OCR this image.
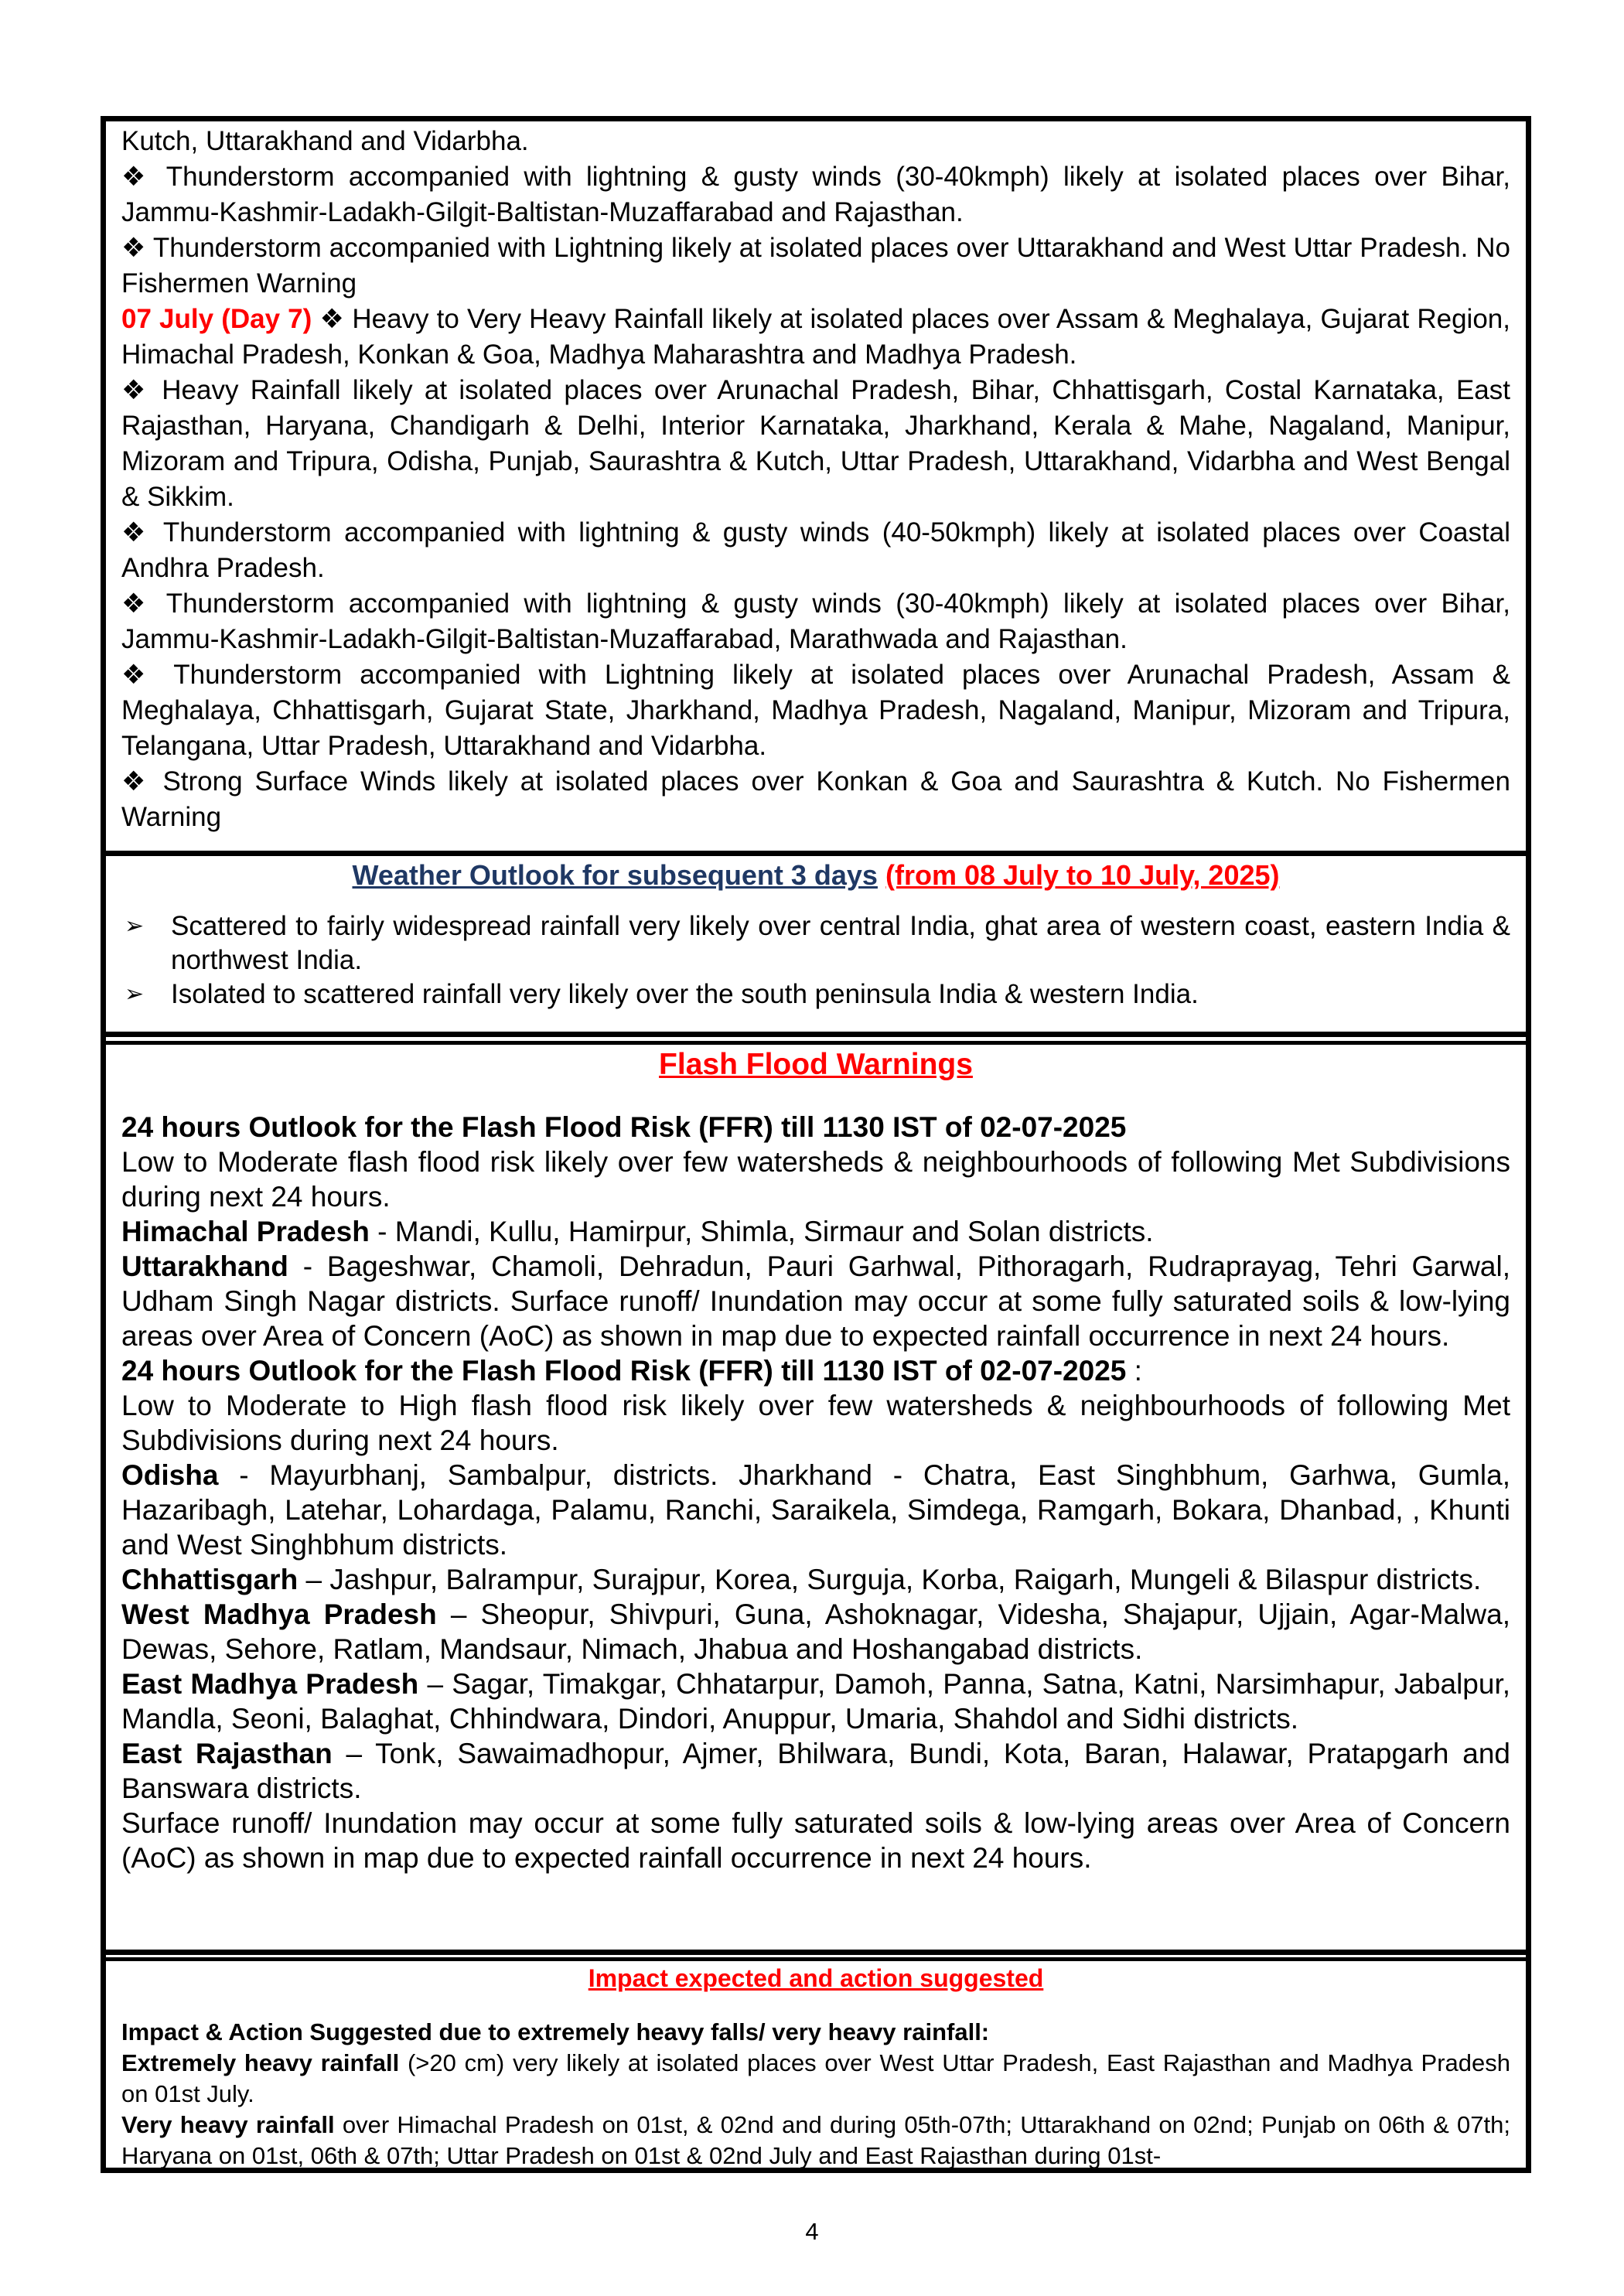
Kutch, Uttarakhand and Vidarbha.

❖ Thunderstorm accompanied with lightning & gusty winds (30-40kmph) likely at isolated places over Bihar, Jammu-Kashmir-Ladakh-Gilgit-Baltistan-Muzaffarabad and Rajasthan.

❖ Thunderstorm accompanied with Lightning likely at isolated places over Uttarakhand and West Uttar Pradesh. No Fishermen Warning

07 July (Day 7) ❖ Heavy to Very Heavy Rainfall likely at isolated places over Assam & Meghalaya, Gujarat Region, Himachal Pradesh, Konkan & Goa, Madhya Maharashtra and Madhya Pradesh.

❖ Heavy Rainfall likely at isolated places over Arunachal Pradesh, Bihar, Chhattisgarh, Costal Karnataka, East Rajasthan, Haryana, Chandigarh & Delhi, Interior Karnataka, Jharkhand, Kerala & Mahe, Nagaland, Manipur, Mizoram and Tripura, Odisha, Punjab, Saurashtra & Kutch, Uttar Pradesh, Uttarakhand, Vidarbha and West Bengal & Sikkim.

❖ Thunderstorm accompanied with lightning & gusty winds (40-50kmph) likely at isolated places over Coastal Andhra Pradesh.

❖ Thunderstorm accompanied with lightning & gusty winds (30-40kmph) likely at isolated places over Bihar, Jammu-Kashmir-Ladakh-Gilgit-Baltistan-Muzaffarabad, Marathwada and Rajasthan.

❖ Thunderstorm accompanied with Lightning likely at isolated places over Arunachal Pradesh, Assam & Meghalaya, Chhattisgarh, Gujarat State, Jharkhand, Madhya Pradesh, Nagaland, Manipur, Mizoram and Tripura, Telangana, Uttar Pradesh, Uttarakhand and Vidarbha.

❖ Strong Surface Winds likely at isolated places over Konkan & Goa and Saurashtra & Kutch. No Fishermen Warning

Weather Outlook for subsequent 3 days (from 08 July to 10 July, 2025)

➢ Scattered to fairly widespread rainfall very likely over central India, ghat area of western coast, eastern India & northwest India.
➢ Isolated to scattered rainfall very likely over the south peninsula India & western India.

Flash Flood Warnings

24 hours Outlook for the Flash Flood Risk (FFR) till 1130 IST of 02-07-2025

Low to Moderate flash flood risk likely over few watersheds & neighbourhoods of following Met Subdivisions during next 24 hours.

Himachal Pradesh - Mandi, Kullu, Hamirpur, Shimla, Sirmaur and Solan districts.

Uttarakhand - Bageshwar, Chamoli, Dehradun, Pauri Garhwal, Pithoragarh, Rudraprayag, Tehri Garwal, Udham Singh Nagar districts. Surface runoff/ Inundation may occur at some fully saturated soils & low-lying areas over Area of Concern (AoC) as shown in map due to expected rainfall occurrence in next 24 hours.

24 hours Outlook for the Flash Flood Risk (FFR) till 1130 IST of 02-07-2025 :

Low to Moderate to High flash flood risk likely over few watersheds & neighbourhoods of following Met Subdivisions during next 24 hours.

Odisha - Mayurbhanj, Sambalpur, districts. Jharkhand - Chatra, East Singhbhum, Garhwa, Gumla, Hazaribagh, Latehar, Lohardaga, Palamu, Ranchi, Saraikela, Simdega, Ramgarh, Bokara, Dhanbad, , Khunti and West Singhbhum districts.

Chhattisgarh – Jashpur, Balrampur, Surajpur, Korea, Surguja, Korba, Raigarh, Mungeli & Bilaspur districts.

West Madhya Pradesh – Sheopur, Shivpuri, Guna, Ashoknagar, Videsha, Shajapur, Ujjain, Agar-Malwa, Dewas, Sehore, Ratlam, Mandsaur, Nimach, Jhabua and Hoshangabad districts.

East Madhya Pradesh – Sagar, Timakgar, Chhatarpur, Damoh, Panna, Satna, Katni, Narsimhapur, Jabalpur, Mandla, Seoni, Balaghat, Chhindwara, Dindori, Anuppur, Umaria, Shahdol and Sidhi districts.

East Rajasthan – Tonk, Sawaimadhopur, Ajmer, Bhilwara, Bundi, Kota, Baran, Halawar, Pratapgarh and Banswara districts.

Surface runoff/ Inundation may occur at some fully saturated soils & low-lying areas over Area of Concern (AoC) as shown in map due to expected rainfall occurrence in next 24 hours.

Impact expected and action suggested

Impact & Action Suggested due to extremely heavy falls/ very heavy rainfall:

Extremely heavy rainfall (>20 cm) very likely at isolated places over West Uttar Pradesh, East Rajasthan and Madhya Pradesh on 01st July.

Very heavy rainfall over Himachal Pradesh on 01st, & 02nd and during 05th-07th; Uttarakhand on 02nd; Punjab on 06th & 07th; Haryana on 01st, 06th & 07th; Uttar Pradesh on 01st & 02nd July and East Rajasthan during 01st-

4
